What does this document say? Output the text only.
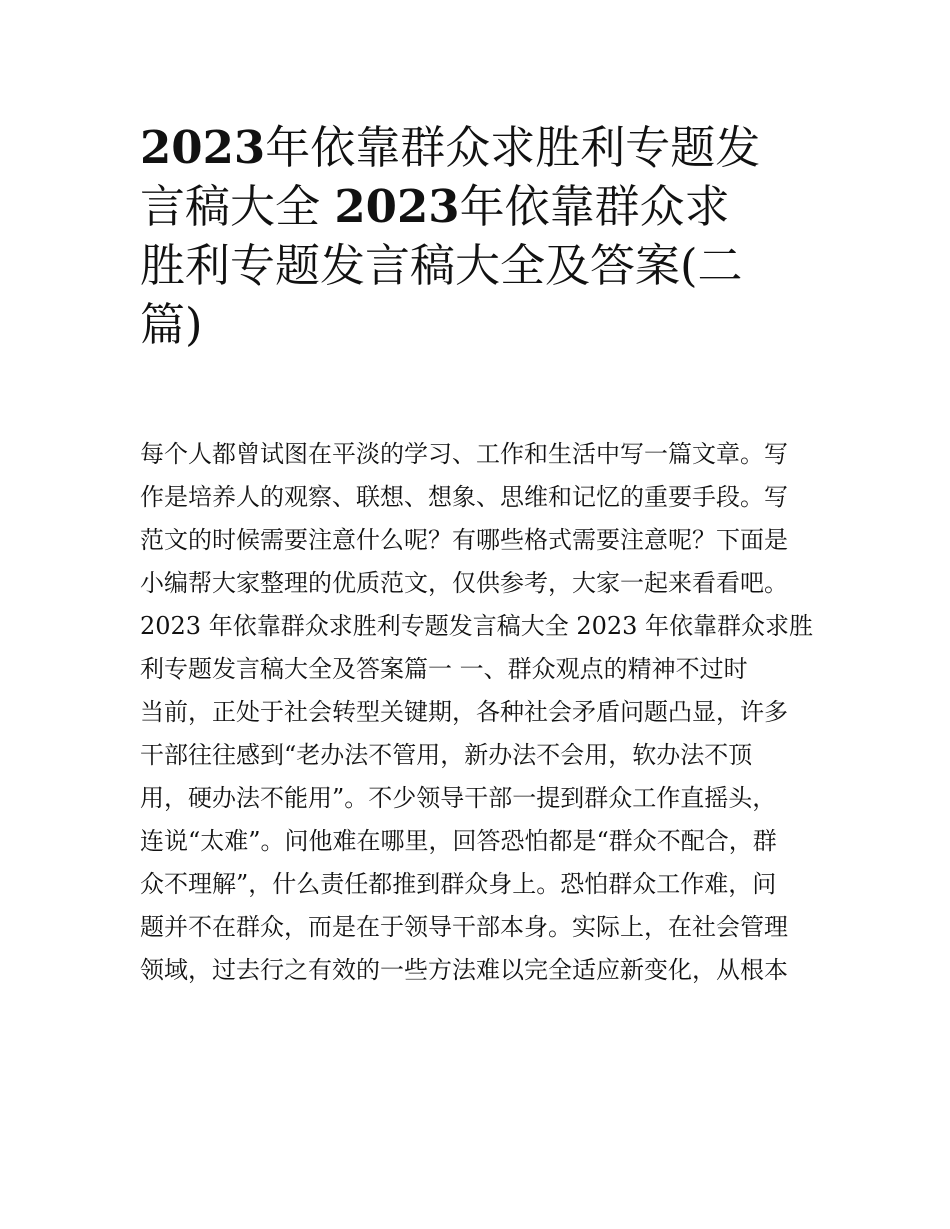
2023年依靠群众求胜利专题发
言稿大全 2023年依靠群众求
胜利专题发言稿大全及答案(二
篇)
每个人都曾试图在平淡的学习、工作和生活中写一篇文章。写
作是培养人的观察、联想、想象、思维和记忆的重要手段。写
范文的时候需要注意什么呢？有哪些格式需要注意呢？下面是
小编帮大家整理的优质范文，仅供参考，大家一起来看看吧。
2023 年依靠群众求胜利专题发言稿大全 2023 年依靠群众求胜
利专题发言稿大全及答案篇一 一、群众观点的精神不过时
当前，正处于社会转型关键期，各种社会矛盾问题凸显，许多
干部往往感到“老办法不管用，新办法不会用，软办法不顶
用，硬办法不能用”。不少领导干部一提到群众工作直摇头，
连说“太难”。问他难在哪里，回答恐怕都是“群众不配合，群
众不理解”，什么责任都推到群众身上。恐怕群众工作难，问
题并不在群众，而是在于领导干部本身。实际上，在社会管理
领域，过去行之有效的一些方法难以完全适应新变化，从根本
